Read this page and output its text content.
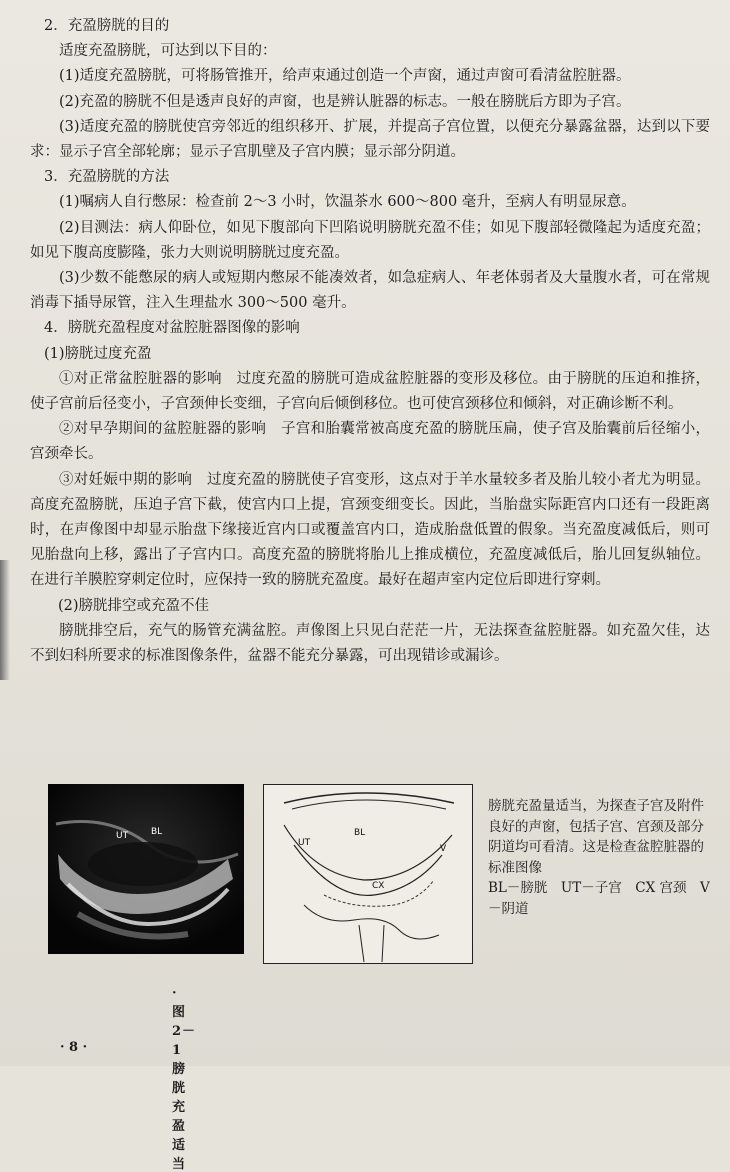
2．充盈膀胱的目的

适度充盈膀胱，可达到以下目的：

(1)适度充盈膀胱，可将肠管推开，给声束通过创造一个声窗，通过声窗可看清盆腔脏器。

(2)充盈的膀胱不但是透声良好的声窗，也是辨认脏器的标志。一般在膀胱后方即为子宫。

(3)适度充盈的膀胱使宫旁邻近的组织移开、扩展，并提高子宫位置，以便充分暴露盆器，达到以下要求：显示子宫全部轮廓；显示子宫肌壁及子宫内膜；显示部分阴道。

3．充盈膀胱的方法

(1)嘱病人自行憋尿：检查前 2～3 小时，饮温茶水 600～800 毫升，至病人有明显尿意。

(2)目测法：病人仰卧位，如见下腹部向下凹陷说明膀胱充盈不佳；如见下腹部轻微隆起为适度充盈；如见下腹高度膨隆，张力大则说明膀胱过度充盈。

(3)少数不能憋尿的病人或短期内憋尿不能凑效者，如急症病人、年老体弱者及大量腹水者，可在常规消毒下插导尿管，注入生理盐水 300～500 毫升。

4．膀胱充盈程度对盆腔脏器图像的影响

(1)膀胱过度充盈

①对正常盆腔脏器的影响　过度充盈的膀胱可造成盆腔脏器的变形及移位。由于膀胱的压迫和推挤，使子宫前后径变小，子宫颈伸长变细，子宫向后倾倒移位。也可使宫颈移位和倾斜，对正确诊断不利。

②对早孕期间的盆腔脏器的影响　子宫和胎囊常被高度充盈的膀胱压扁，使子宫及胎囊前后径缩小，宫颈牵长。

③对妊娠中期的影响　过度充盈的膀胱使子宫变形，这点对于羊水量较多者及胎儿较小者尤为明显。高度充盈膀胱，压迫子宫下截，使宫内口上提，宫颈变细变长。因此，当胎盘实际距宫内口还有一段距离时，在声像图中却显示胎盘下缘接近宫内口或覆盖宫内口，造成胎盘低置的假象。当充盈度减低后，则可见胎盘向上移，露出了子宫内口。高度充盈的膀胱将胎儿上推成横位，充盈度减低后，胎儿回复纵轴位。在进行羊膜腔穿刺定位时，应保持一致的膀胱充盈度。最好在超声室内定位后即进行穿刺。

(2)膀胱排空或充盈不佳

膀胱排空后，充气的肠管充满盆腔。声像图上只见白茫茫一片，无法探查盆腔脏器。如充盈欠佳，达不到妇科所要求的标准图像条件，盆器不能充分暴露，可出现错诊或漏诊。

UT	BL	BL
UT
CX
V
· 图 2－1　膀胱充盈适当

膀胱充盈量适当，为探查子宫及附件良好的声窗，包括子宫、宫颈及部分阴道均可看清。这是检查盆腔脏器的标准图像

BL－膀胱　UT－子宫　CX 宫颈　V－阴道

· 8 ·
